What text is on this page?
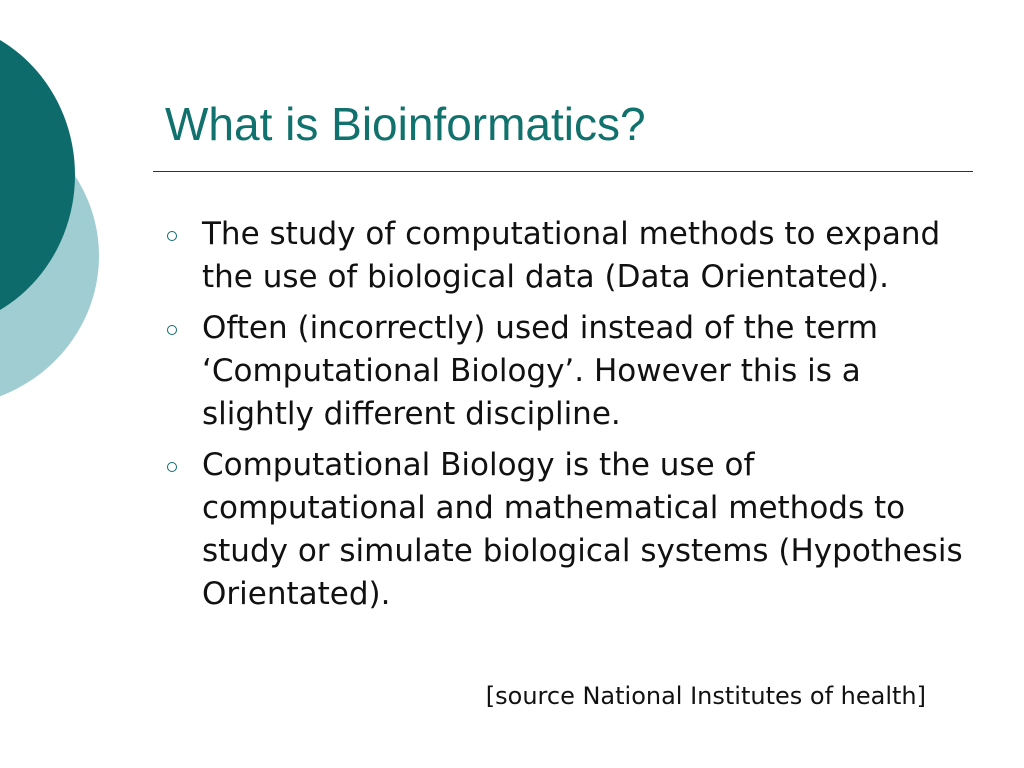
What is Bioinformatics?
The study of computational methods to expand the use of biological data (Data Orientated).
Often (incorrectly) used instead of the term ‘Computational Biology’. However this is a slightly different discipline.
Computational Biology is the use of computational and mathematical methods to study or simulate biological systems (Hypothesis Orientated).

[source National Institutes of health]
